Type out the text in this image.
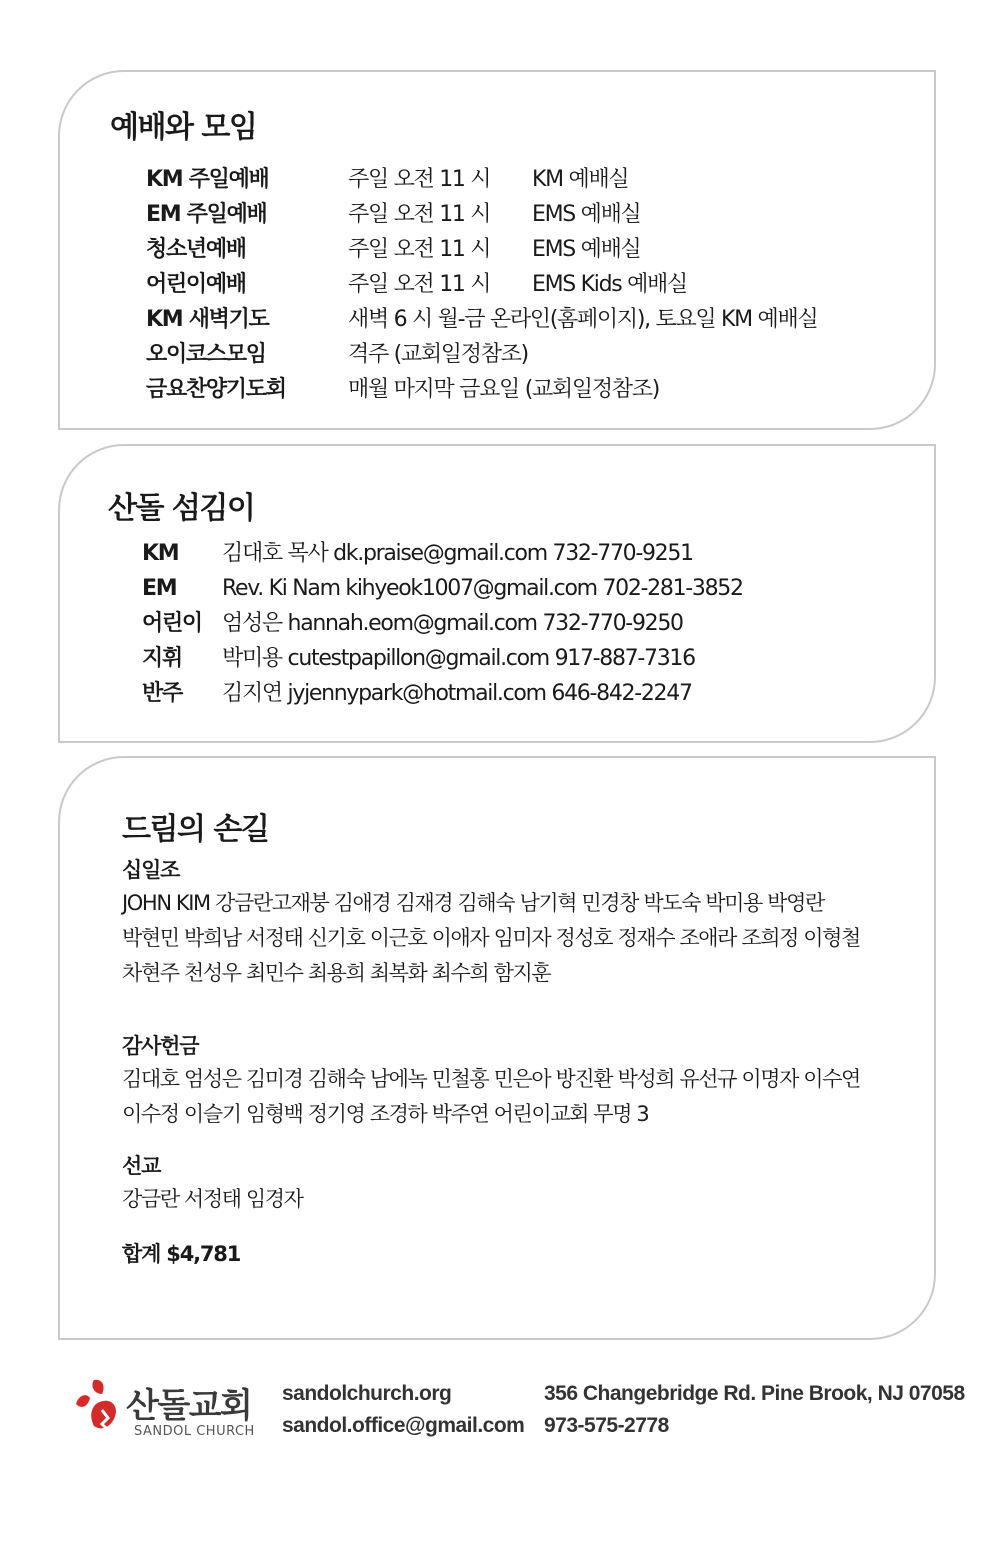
예배와 모임
KM 주일예배	주일 오전 11 시 KM 예배실
EM 주일예배	주일 오전 11 시 EMS 예배실
청소년예배	주일 오전 11 시 EMS 예배실
어린이예배	주일 오전 11 시 EMS Kids 예배실
KM 새벽기도	새벽 6 시 월-금 온라인(홈페이지), 토요일 KM 예배실
오이코스모임	격주 (교회일정참조)
금요찬양기도회	매월 마지막 금요일 (교회일정참조)
산돌 섬김이
KM 김대호 목사 dk.praise@gmail.com 732-770-9251
EM Rev. Ki Nam kihyeok1007@gmail.com 702-281-3852
어린이 엄성은 hannah.eom@gmail.com 732-770-9250
지휘 박미용 cutestpapillon@gmail.com 917-887-7316
반주 김지연 jyjennypark@hotmail.com 646-842-2247
드림의 손길
십일조
JOHN KIM 강금란고재붕 김애경 김재경 김해숙 남기혁 민경창 박도숙 박미용 박영란
박현민 박희남 서정태 신기호 이근호 이애자 임미자 정성호 정재수 조애라 조희정 이형철
차현주 천성우 최민수 최용희 최복화 최수희 함지훈
감사헌금
김대호 엄성은 김미경 김해숙 남에녹 민철홍 민은아 방진환 박성희 유선규 이명자 이수연
이수정 이슬기 임형백 정기영 조경하 박주연 어린이교회 무명 3
선교
강금란 서정태 임경자
합계 $4,781
산돌교회
SANDOL CHURCH
sandolchurch.org
sandol.office@gmail.com
356 Changebridge Rd. Pine Brook, NJ 07058
973-575-2778
